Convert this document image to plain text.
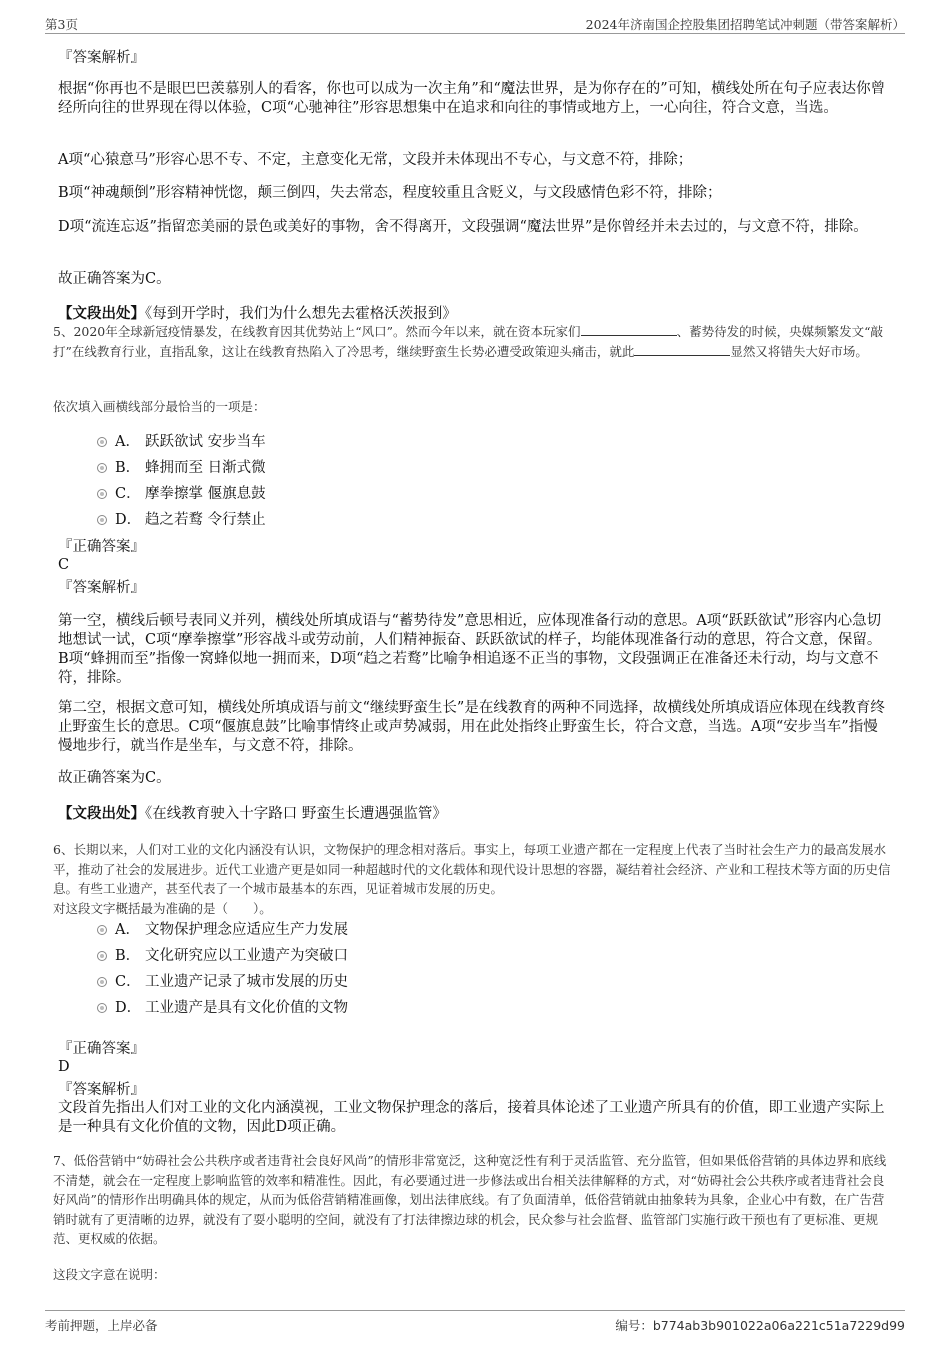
第3页	2024年济南国企控股集团招聘笔试冲刺题（带答案解析）
『答案解析』
根据“你再也不是眼巴巴羡慕别人的看客，你也可以成为一次主角”和“魔法世界，是为你存在的”可知，横线处所在句子应表达你曾经所向往的世界现在得以体验，C项“心驰神往”形容思想集中在追求和向往的事情或地方上，一心向往，符合文意，当选。
A项“心猿意马”形容心思不专、不定，主意变化无常，文段并未体现出不专心，与文意不符，排除；
B项“神魂颠倒”形容精神恍惚，颠三倒四，失去常态，程度较重且含贬义，与文段感情色彩不符，排除；
D项“流连忘返”指留恋美丽的景色或美好的事物，舍不得离开，文段强调“魔法世界”是你曾经并未去过的，与文意不符，排除。
故正确答案为C。
【文段出处】《每到开学时，我们为什么想先去霍格沃茨报到》
5、2020年全球新冠疫情暴发，在线教育因其优势站上“风口”。然而今年以来，就在资本玩家们	、蓄势待发的时候，央媒频繁发文“敲打”在线教育行业，直指乱象，这让在线教育热陷入了冷思考，继续野蛮生长势必遭受政策迎头痛击，就此	显然又将错失大好市场。
依次填入画横线部分最恰当的一项是：
A． 跃跃欲试 安步当车
B． 蜂拥而至 日渐式微
C． 摩拳擦掌 偃旗息鼓
D． 趋之若鹜 令行禁止
『正确答案』
C
『答案解析』
第一空，横线后顿号表同义并列，横线处所填成语与“蓄势待发”意思相近，应体现准备行动的意思。A项“跃跃欲试”形容内心急切地想试一试，C项“摩拳擦掌”形容战斗或劳动前，人们精神振奋、跃跃欲试的样子，均能体现准备行动的意思，符合文意，保留。B项“蜂拥而至”指像一窝蜂似地一拥而来，D项“趋之若鹜”比喻争相追逐不正当的事物，文段强调正在准备还未行动，均与文意不符，排除。
第二空，根据文意可知，横线处所填成语与前文“继续野蛮生长”是在线教育的两种不同选择，故横线处所填成语应体现在线教育终止野蛮生长的意思。C项“偃旗息鼓”比喻事情终止或声势减弱，用在此处指终止野蛮生长，符合文意，当选。A项“安步当车”指慢慢地步行，就当作是坐车，与文意不符，排除。
故正确答案为C。
【文段出处】《在线教育驶入十字路口 野蛮生长遭遇强监管》
6、长期以来，人们对工业的文化内涵没有认识，文物保护的理念相对落后。事实上，每项工业遗产都在一定程度上代表了当时社会生产力的最高发展水平，推动了社会的发展进步。近代工业遗产更是如同一种超越时代的文化载体和现代设计思想的容器，凝结着社会经济、产业和工程技术等方面的历史信息。有些工业遗产，甚至代表了一个城市最基本的东西，见证着城市发展的历史。
对这段文字概括最为准确的是（　　）。
A． 文物保护理念应适应生产力发展
B． 文化研究应以工业遗产为突破口
C． 工业遗产记录了城市发展的历史
D． 工业遗产是具有文化价值的文物
『正确答案』
D
『答案解析』
文段首先指出人们对工业的文化内涵漠视，工业文物保护理念的落后，接着具体论述了工业遗产所具有的价值，即工业遗产实际上是一种具有文化价值的文物，因此D项正确。
7、低俗营销中“妨碍社会公共秩序或者违背社会良好风尚”的情形非常宽泛，这种宽泛性有利于灵活监管、充分监管，但如果低俗营销的具体边界和底线不清楚，就会在一定程度上影响监管的效率和精准性。因此，有必要通过进一步修法或出台相关法律解释的方式，对“妨碍社会公共秩序或者违背社会良好风尚”的情形作出明确具体的规定，从而为低俗营销精准画像，划出法律底线。有了负面清单，低俗营销就由抽象转为具象，企业心中有数，在广告营销时就有了更清晰的边界，就没有了耍小聪明的空间，就没有了打法律擦边球的机会，民众参与社会监督、监管部门实施行政干预也有了更标准、更规范、更权威的依据。
这段文字意在说明：
考前押题，上岸必备	编号：b774ab3b901022a06a221c51a7229d99
